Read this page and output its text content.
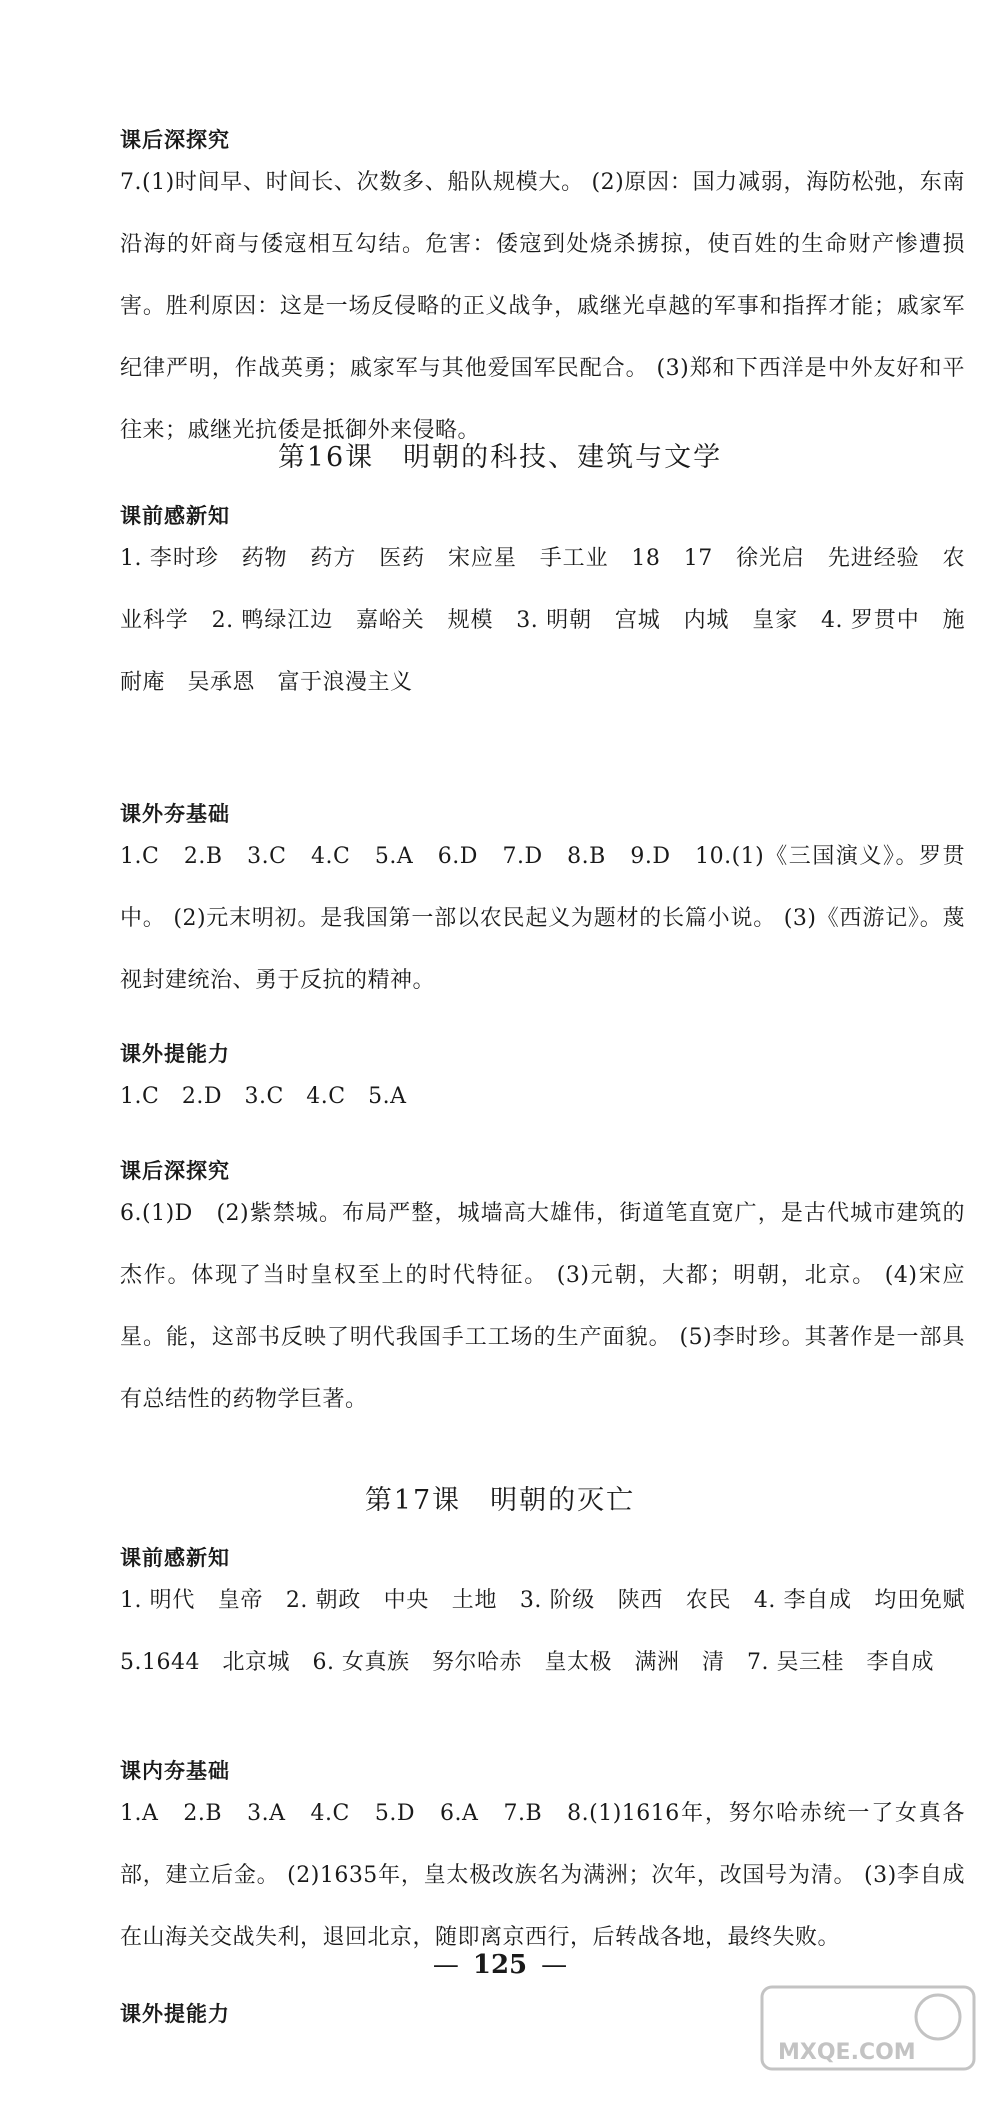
课后深探究
7.(1)时间早、时间长、次数多、船队规模大。 (2)原因：国力减弱，海防松弛，东南沿海的奸商与倭寇相互勾结。危害：倭寇到处烧杀掳掠，使百姓的生命财产惨遭损害。胜利原因：这是一场反侵略的正义战争，戚继光卓越的军事和指挥才能；戚家军纪律严明，作战英勇；戚家军与其他爱国军民配合。 (3)郑和下西洋是中外友好和平往来；戚继光抗倭是抵御外来侵略。
第16课　明朝的科技、建筑与文学
课前感新知
1. 李时珍　药物　药方　医药　宋应星　手工业　18　17　徐光启　先进经验　农业科学　2. 鸭绿江边　嘉峪关　规模　3. 明朝　宫城　内城　皇家　4. 罗贯中　施耐庵　吴承恩　富于浪漫主义
课外夯基础
1.C　2.B　3.C　4.C　5.A　6.D　7.D　8.B　9.D　10.(1)《三国演义》。罗贯中。 (2)元末明初。是我国第一部以农民起义为题材的长篇小说。 (3)《西游记》。蔑视封建统治、勇于反抗的精神。
课外提能力
1.C　2.D　3.C　4.C　5.A
课后深探究
6.(1)D　(2)紫禁城。布局严整，城墙高大雄伟，街道笔直宽广，是古代城市建筑的杰作。体现了当时皇权至上的时代特征。 (3)元朝，大都；明朝，北京。 (4)宋应星。能，这部书反映了明代我国手工工场的生产面貌。 (5)李时珍。其著作是一部具有总结性的药物学巨著。
第17课　明朝的灭亡
课前感新知
1. 明代　皇帝　2. 朝政　中央　土地　3. 阶级　陕西　农民　4. 李自成　均田免赋　5.1644　北京城　6. 女真族　努尔哈赤　皇太极　满洲　清　7. 吴三桂　李自成
课内夯基础
1.A　2.B　3.A　4.C　5.D　6.A　7.B　8.(1)1616年，努尔哈赤统一了女真各部，建立后金。 (2)1635年，皇太极改族名为满洲；次年，改国号为清。 (3)李自成在山海关交战失利，退回北京，随即离京西行，后转战各地，最终失败。
课外提能力
— 125 —
MXQE.COM
